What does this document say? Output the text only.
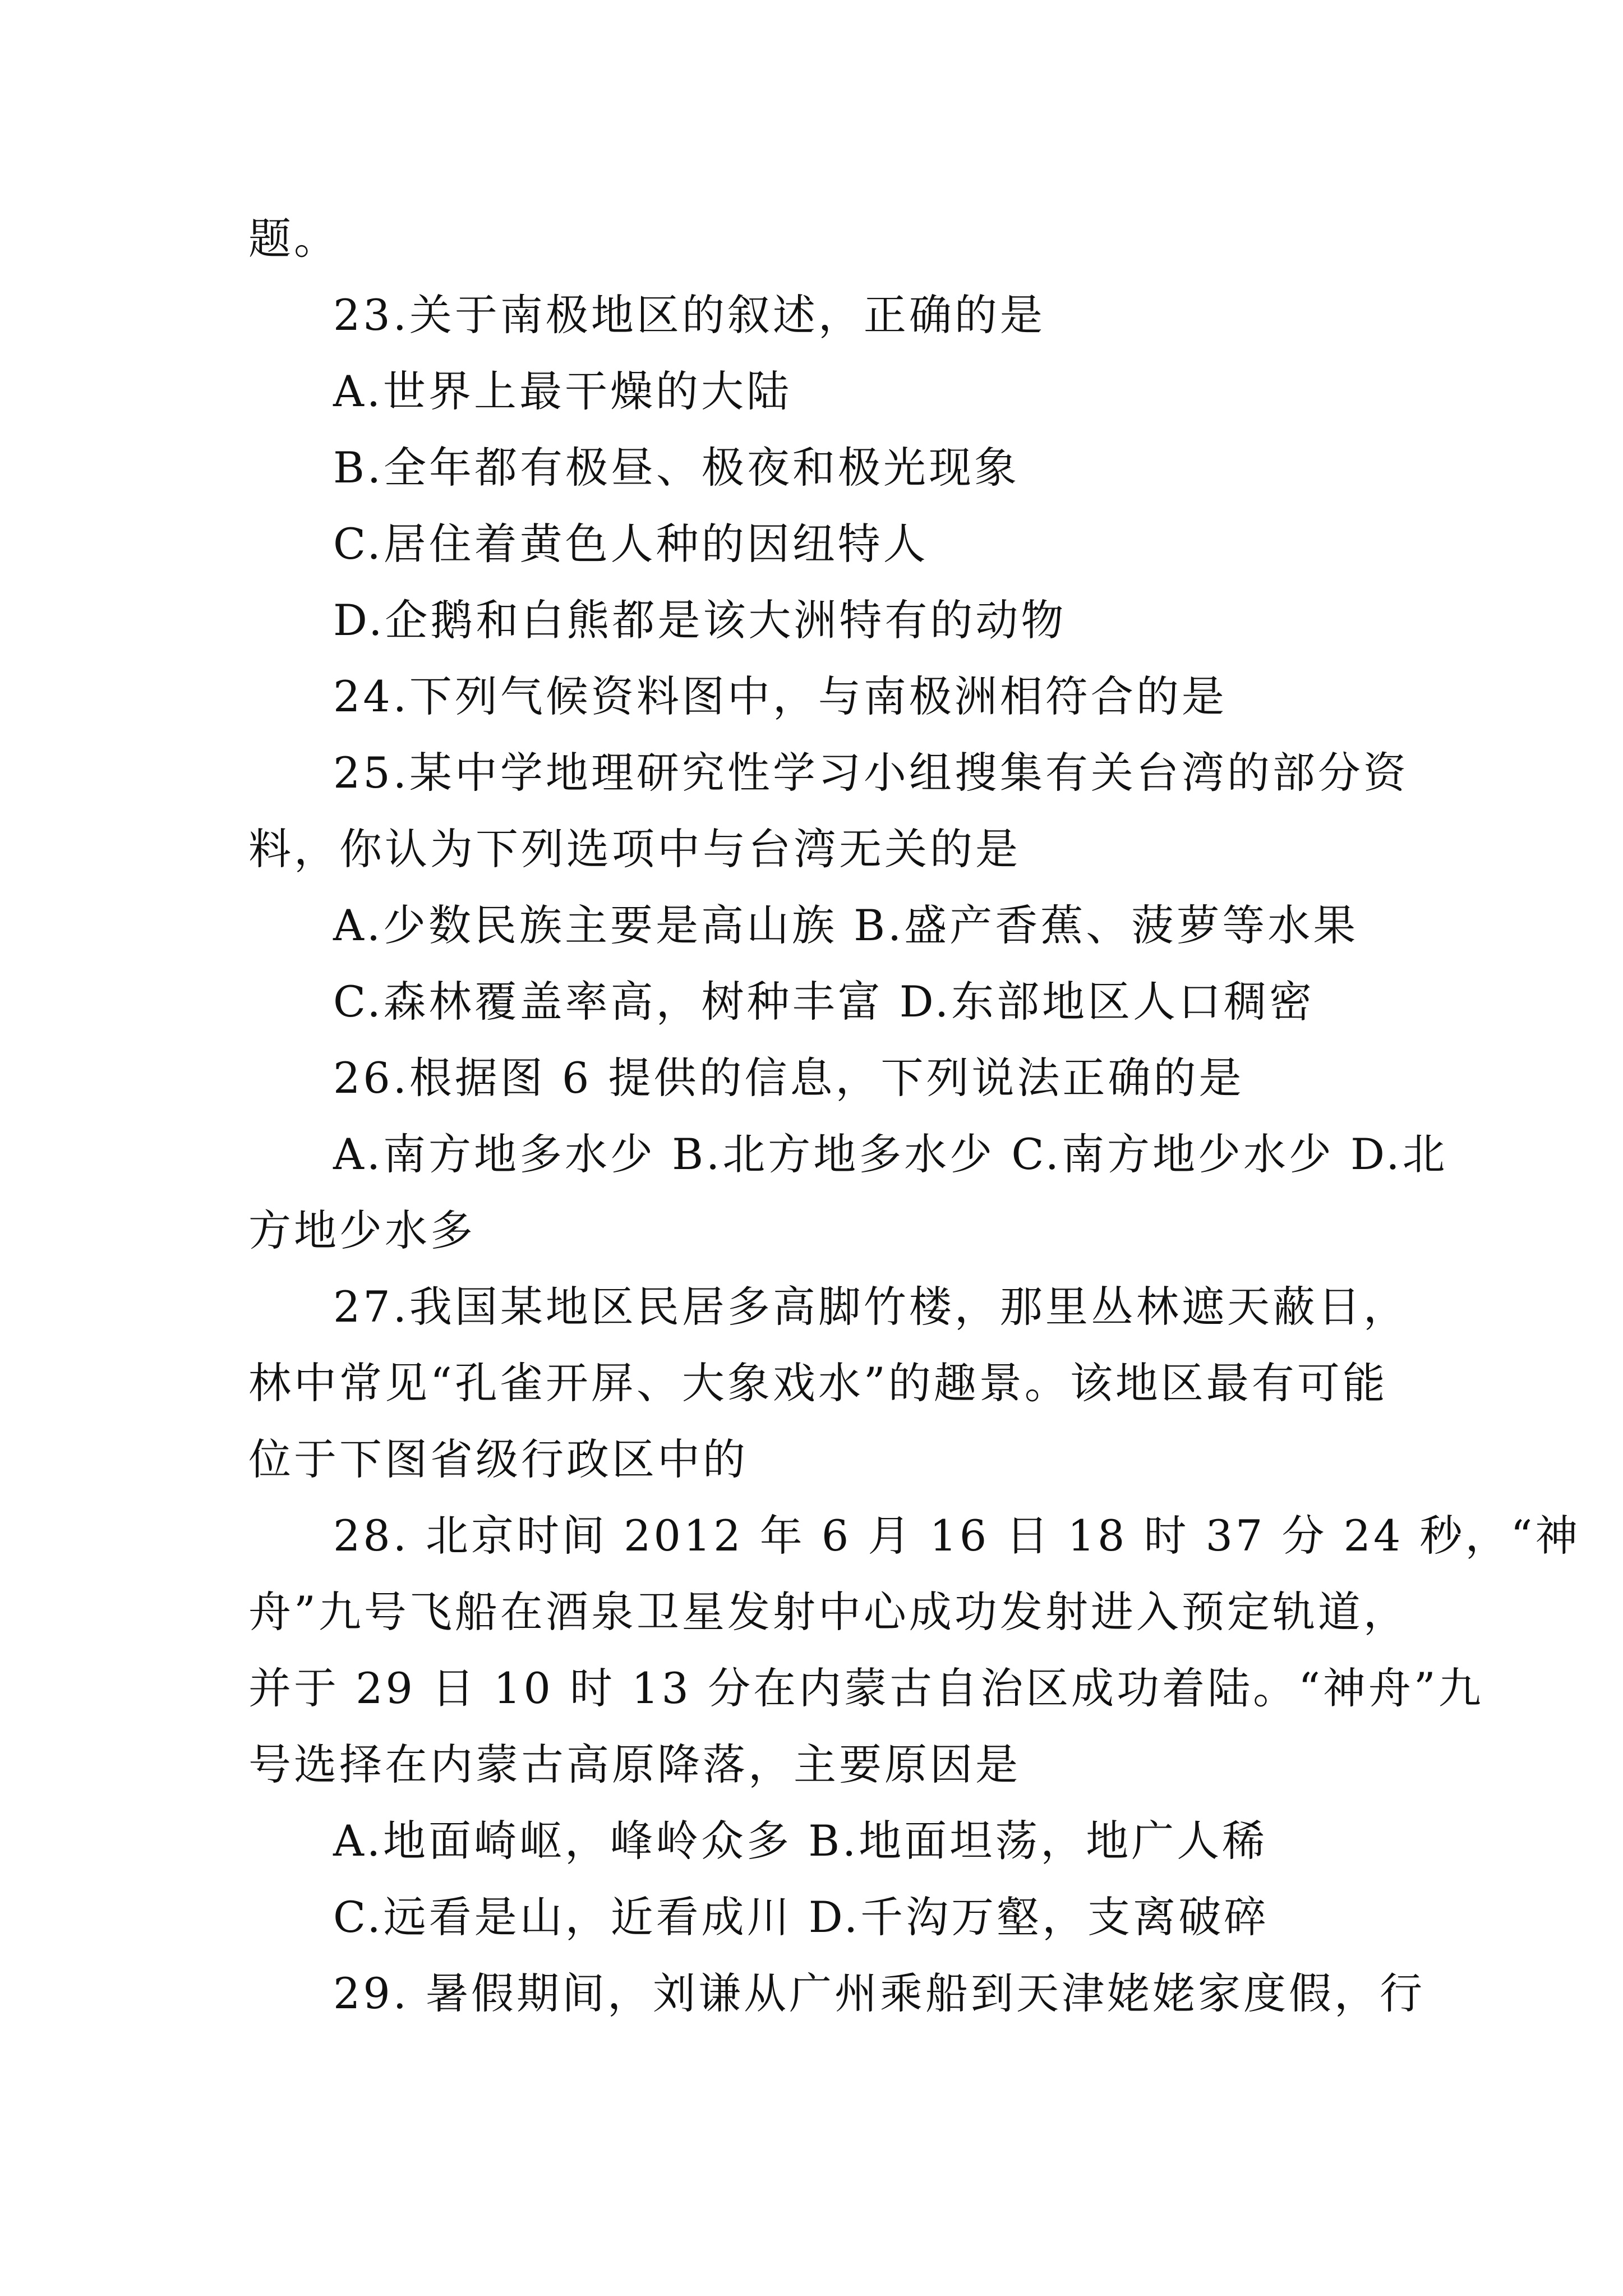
题。
23.关于南极地区的叙述，正确的是
A.世界上最干燥的大陆
B.全年都有极昼、极夜和极光现象
C.居住着黄色人种的因纽特人
D.企鹅和白熊都是该大洲特有的动物
24.下列气候资料图中，与南极洲相符合的是
25.某中学地理研究性学习小组搜集有关台湾的部分资
料，你认为下列选项中与台湾无关的是
A.少数民族主要是高山族 B.盛产香蕉、菠萝等水果
C.森林覆盖率高，树种丰富 D.东部地区人口稠密
26.根据图 6 提供的信息，下列说法正确的是
A.南方地多水少 B.北方地多水少 C.南方地少水少 D.北
方地少水多
27.我国某地区民居多高脚竹楼，那里丛林遮天蔽日，
林中常见“孔雀开屏、大象戏水”的趣景。该地区最有可能
位于下图省级行政区中的
28. 北京时间 2012 年 6 月 16 日 18 时 37 分 24 秒，“神
舟”九号飞船在酒泉卫星发射中心成功发射进入预定轨道，
并于 29 日 10 时 13 分在内蒙古自治区成功着陆。“神舟”九
号选择在内蒙古高原降落，主要原因是
A.地面崎岖，峰岭众多 B.地面坦荡，地广人稀
C.远看是山，近看成川 D.千沟万壑，支离破碎
29. 暑假期间，刘谦从广州乘船到天津姥姥家度假，行
